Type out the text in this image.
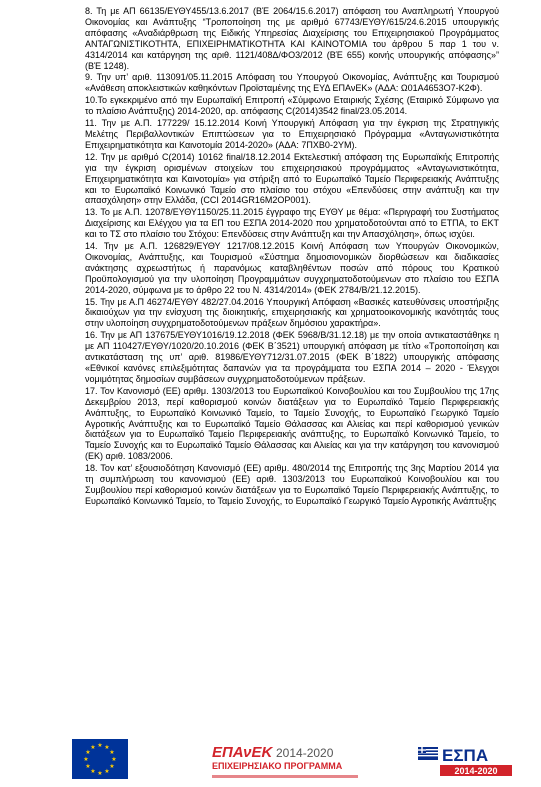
8. Τη με ΑΠ 66135/ΕΥΘΥ455/13.6.2017 (ΒΈ 2064/15.6.2017) απόφαση του Αναπληρωτή Υπουργού Οικονομίας και Ανάπτυξης “Τροποποίηση της με αριθμό 67743/ΕΥΘΥ/615/24.6.2015 υπουργικής απόφασης «Αναδιάρθρωση της Ειδικής Υπηρεσίας Διαχείρισης του Επιχειρησιακού Προγράμματος ΑΝΤΑΓΩΝΙΣΤΙΚΟΤΗΤΑ, ΕΠΙΧΕΙΡΗΜΑΤΙΚΟΤΗΤΑ ΚΑΙ ΚΑΙΝΟΤΟΜΙΑ του άρθρου 5 παρ 1 του ν. 4314/2014 και κατάργηση της αριθ. 1121/408Δ/ΦΟ3/2012 (ΒΈ 655) κοινής υπουργικής απόφασης»” (ΒΈ 1248).

9. Την υπ’ αριθ. 113091/05.11.2015 Απόφαση του Υπουργού Οικονομίας, Ανάπτυξης και Τουρισμού «Ανάθεση αποκλειστικών καθηκόντων Προϊσταμένης της ΕΥΔ ΕΠΑνΕΚ» (ΑΔΑ: Ω01Α4653Ο7-Κ2Φ).

10.Το εγκεκριμένο από την Ευρωπαϊκή Επιτροπή «Σύμφωνο Εταιρικής Σχέσης (Εταιρικό Σύμφωνο για το πλαίσιο Ανάπτυξης) 2014-2020, αρ. απόφασης C(2014)3542 final/23.05.2014.

11. Την με Α.Π. 177229/ 15.12.2014 Κοινή Υπουργική Απόφαση για την έγκριση της Στρατηγικής Μελέτης Περιβαλλοντικών Επιπτώσεων για το Επιχειρησιακό Πρόγραμμα «Ανταγωνιστικότητα Επιχειρηματικότητα και Καινοτομία 2014-2020» (ΑΔΑ: 7ΠΧΒ0-2ΥΜ).

12. Την με αριθμό C(2014) 10162 final/18.12.2014 Εκτελεστική απόφαση της Ευρωπαϊκής Επιτροπής για την έγκριση ορισμένων στοιχείων του επιχειρησιακού προγράμματος «Ανταγωνιστικότητα, Επιχειρηματικότητα και Καινοτομία» για στήριξη από το Ευρωπαϊκό Ταμείο Περιφερειακής Ανάπτυξης και το Ευρωπαϊκό Κοινωνικό Ταμείο στο πλαίσιο του στόχου «Επενδύσεις στην ανάπτυξη και την απασχόληση» στην Ελλάδα, (CCI 2014GR16M2OP001).

13. Το με Α.Π. 12078/ΕΥΘΥ1150/25.11.2015 έγγραφο της ΕΥΘΥ με θέμα: «Περιγραφή του Συστήματος Διαχείρισης και Ελέγχου για τα ΕΠ του ΕΣΠΑ 2014-2020 που χρηματοδοτούνται από το ΕΤΠΑ, το ΕΚΤ και το ΤΣ στο πλαίσιο του Στόχου: Επενδύσεις στην Ανάπτυξη και την Απασχόληση», όπως ισχύει.

14. Την με Α.Π. 126829/ΕΥΘΥ 1217/08.12.2015 Κοινή Απόφαση των Υπουργών Οικονομικών, Οικονομίας, Ανάπτυξης, και Τουρισμού «Σύστημα δημοσιονομικών διορθώσεων και διαδικασίες ανάκτησης αχρεωστήτως ή παρανόμως καταβληθέντων ποσών από πόρους του Κρατικού Προϋπολογισμού για την υλοποίηση Προγραμμάτων συγχρηματοδοτούμενων στο πλαίσιο του ΕΣΠΑ 2014-2020, σύμφωνα με το άρθρο 22 του Ν. 4314/2014» (ΦΕΚ 2784/Β/21.12.2015).

15. Την με Α.Π 46274/ΕΥΘΥ 482/27.04.2016 Υπουργική Απόφαση «Βασικές κατευθύνσεις υποστήριξης δικαιούχων για την ενίσχυση της διοικητικής, επιχειρησιακής και χρηματοοικονομικής ικανότητάς τους στην υλοποίηση συγχρηματοδοτούμενων πράξεων δημόσιου χαρακτήρα».

16. Την με ΑΠ 137675/ΕΥΘΥ1016/19.12.2018 (ΦΕΚ 5968/Β/31.12.18) με την οποία αντικαταστάθηκε η με ΑΠ 110427/ΕΥΘΥ/1020/20.10.2016 (ΦΕΚ Β΄3521) υπουργική απόφαση με τίτλο «Τροποποίηση και αντικατάσταση της υπ’ αριθ. 81986/ΕΥΘΥ712/31.07.2015 (ΦΕΚ Β΄1822) υπουργικής απόφασης «Εθνικοί κανόνες επιλεξιμότητας δαπανών για τα προγράμματα του ΕΣΠΑ 2014 – 2020 - Έλεγχοι νομιμότητας δημοσίων συμβάσεων συγχρηματοδοτούμενων πράξεων.

17. Τον Κανονισμό (ΕΕ) αριθμ. 1303/2013 του Ευρωπαϊκού Κοινοβουλίου και του Συμβουλίου της 17ης Δεκεμβρίου 2013, περί καθορισμού κοινών διατάξεων για το Ευρωπαϊκό Ταμείο Περιφερειακής Ανάπτυξης, το Ευρωπαϊκό Κοινωνικό Ταμείο, το Ταμείο Συνοχής, το Ευρωπαϊκό Γεωργικό Ταμείο Αγροτικής Ανάπτυξης και το Ευρωπαϊκό Ταμείο Θάλασσας και Αλιείας και περί καθορισμού γενικών διατάξεων για το Ευρωπαϊκό Ταμείο Περιφερειακής ανάπτυξης, το Ευρωπαϊκό Κοινωνικό Ταμείο, το Ταμείο Συνοχής και το Ευρωπαϊκό Ταμείο Θάλασσας και Αλιείας και για την κατάργηση του κανονισμού (ΕΚ) αριθ. 1083/2006.

18. Τον κατ’ εξουσιοδότηση Κανονισμό (ΕΕ) αριθμ. 480/2014 της Επιτροπής της 3ης Μαρτίου 2014 για τη συμπλήρωση του κανονισμού (ΕΕ) αριθ. 1303/2013 του Ευρωπαϊκού Κοινοβουλίου και του Συμβουλίου περί καθορισμού κοινών διατάξεων για το Ευρωπαϊκό Ταμείο Περιφερειακής Ανάπτυξης, το Ευρωπαϊκό Κοινωνικό Ταμείο, το Ταμείο Συνοχής, το Ευρωπαϊκό Γεωργικό Ταμείο Αγροτικής Ανάπτυξης

★ ★
★
★
★
★
★
★
★
★
★
★	ΕΠΑνΕΚ 2014-2020
ΕΠΙΧΕΙΡΗΣΙΑΚΟ ΠΡΟΓΡΑΜΜΑ
ΕΣΠΑ
2014-2020
